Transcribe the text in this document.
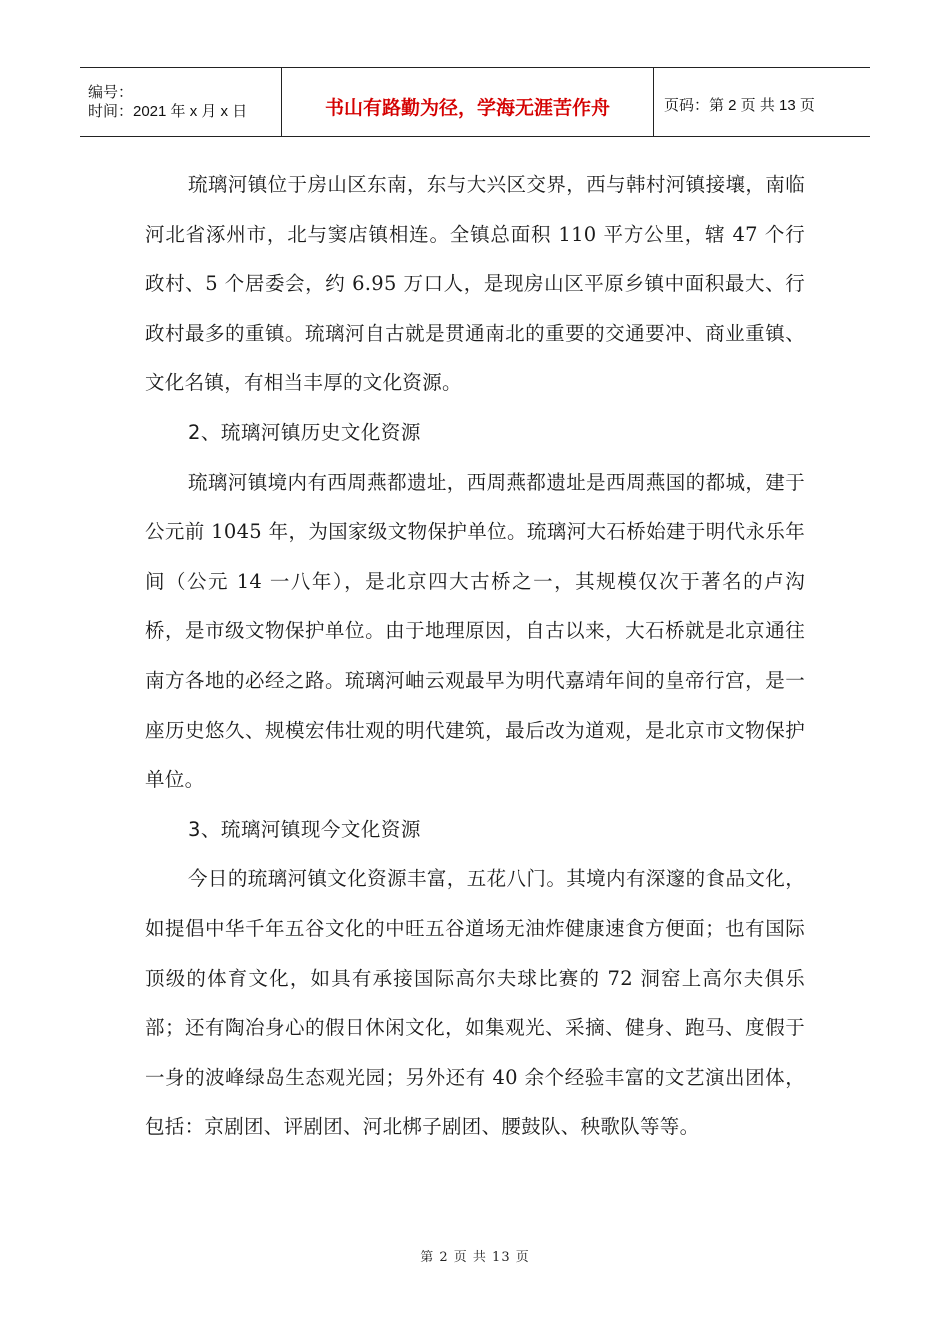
编号：
时间：2021 年 x 月 x 日	书山有路勤为径，学海无涯苦作舟	页码：第 2 页 共 13 页

琉璃河镇位于房山区东南，东与大兴区交界，西与韩村河镇接壤，南临河北省涿州市，北与窦店镇相连。全镇总面积 110 平方公里，辖 47 个行政村、5 个居委会，约 6.95 万口人，是现房山区平原乡镇中面积最大、行政村最多的重镇。琉璃河自古就是贯通南北的重要的交通要冲、商业重镇、文化名镇，有相当丰厚的文化资源。

2、琉璃河镇历史文化资源

琉璃河镇境内有西周燕都遗址，西周燕都遗址是西周燕国的都城，建于公元前 1045 年，为国家级文物保护单位。琉璃河大石桥始建于明代永乐年间（公元 14 一八年），是北京四大古桥之一，其规模仅次于著名的卢沟桥，是市级文物保护单位。由于地理原因，自古以来，大石桥就是北京通往南方各地的必经之路。琉璃河岫云观最早为明代嘉靖年间的皇帝行宫，是一座历史悠久、规模宏伟壮观的明代建筑，最后改为道观，是北京市文物保护单位。

3、琉璃河镇现今文化资源

今日的琉璃河镇文化资源丰富，五花八门。其境内有深邃的食品文化，如提倡中华千年五谷文化的中旺五谷道场无油炸健康速食方便面；也有国际顶级的体育文化，如具有承接国际高尔夫球比赛的 72 洞窑上高尔夫俱乐部；还有陶冶身心的假日休闲文化，如集观光、采摘、健身、跑马、度假于一身的波峰绿岛生态观光园；另外还有 40 余个经验丰富的文艺演出团体，包括：京剧团、评剧团、河北梆子剧团、腰鼓队、秧歌队等等。

第 2 页 共 13 页
